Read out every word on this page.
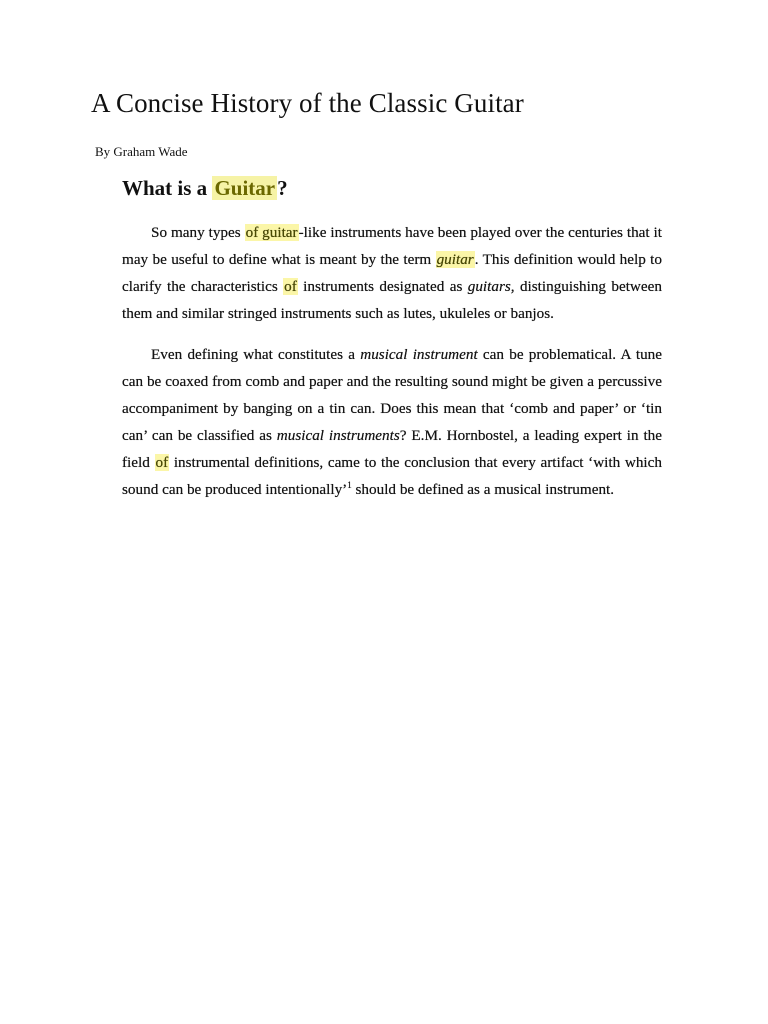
A Concise History of the Classic Guitar

By Graham Wade

What is a Guitar?

So many types of guitar-like instruments have been played over the centuries that it may be useful to define what is meant by the term guitar. This definition would help to clarify the characteristics of instruments designated as guitars, distinguishing between them and similar stringed instruments such as lutes, ukuleles or banjos.

Even defining what constitutes a musical instrument can be problematical. A tune can be coaxed from comb and paper and the resulting sound might be given a percussive accompaniment by banging on a tin can. Does this mean that ‘comb and paper’ or ‘tin can’ can be classified as musical instruments? E.M. Hornbostel, a leading expert in the field of instrumental definitions, came to the conclusion that every artifact ‘with which sound can be produced intentionally’$^1$ should be defined as a musical instrument.
